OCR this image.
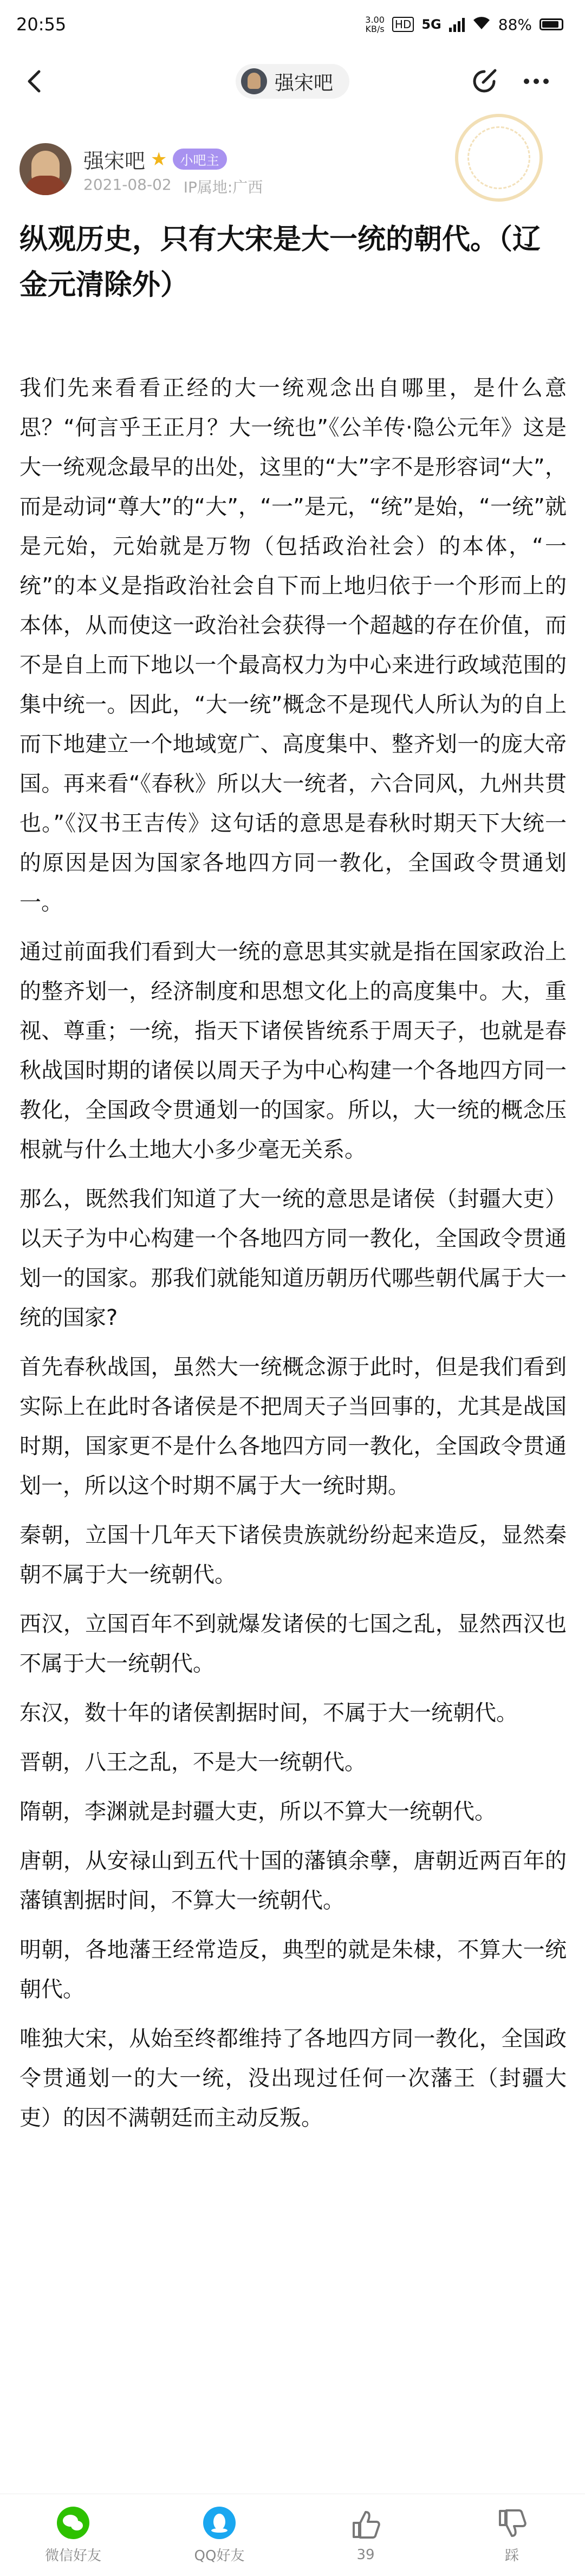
20:55	3.00
KB/s HD 5G	88%
强宋吧
强宋吧 ★	小吧主
2021-08-02 IP属地:广西
纵观历史，只有大宋是大一统的朝代。（辽金元清除外）

我们先来看看正经的大一统观念出自哪里，是什么意思？“何言乎王正月？大一统也”《公羊传·隐公元年》这是大一统观念最早的出处，这里的“大”字不是形容词“大”，而是动词“尊大”的“大”，“一”是元，“统”是始，“一统”就是元始，元始就是万物（包括政治社会）的本体，“一统”的本义是指政治社会自下而上地归依于一个形而上的本体，从而使这一政治社会获得一个超越的存在价值，而不是自上而下地以一个最高权力为中心来进行政域范围的集中统一。因此，“大一统”概念不是现代人所认为的自上而下地建立一个地域宽广、高度集中、整齐划一的庞大帝国。再来看“《春秋》所以大一统者，六合同风，九州共贯也。”《汉书王吉传》这句话的意思是春秋时期天下大统一的原因是因为国家各地四方同一教化，全国政令贯通划一。

通过前面我们看到大一统的意思其实就是指在国家政治上的整齐划一，经济制度和思想文化上的高度集中。大，重视、尊重；一统，指天下诸侯皆统系于周天子，也就是春秋战国时期的诸侯以周天子为中心构建一个各地四方同一教化，全国政令贯通划一的国家。所以，大一统的概念压根就与什么土地大小多少毫无关系。

那么，既然我们知道了大一统的意思是诸侯（封疆大吏）以天子为中心构建一个各地四方同一教化，全国政令贯通划一的国家。那我们就能知道历朝历代哪些朝代属于大一统的国家?

首先春秋战国，虽然大一统概念源于此时，但是我们看到实际上在此时各诸侯是不把周天子当回事的，尤其是战国时期，国家更不是什么各地四方同一教化，全国政令贯通划一，所以这个时期不属于大一统时期。

秦朝，立国十几年天下诸侯贵族就纷纷起来造反，显然秦朝不属于大一统朝代。

西汉，立国百年不到就爆发诸侯的七国之乱，显然西汉也不属于大一统朝代。

东汉，数十年的诸侯割据时间，不属于大一统朝代。

晋朝，八王之乱，不是大一统朝代。

隋朝，李渊就是封疆大吏，所以不算大一统朝代。

唐朝，从安禄山到五代十国的藩镇余孽，唐朝近两百年的藩镇割据时间，不算大一统朝代。

明朝，各地藩王经常造反，典型的就是朱棣，不算大一统朝代。

唯独大宋，从始至终都维持了各地四方同一教化，全国政令贯通划一的大一统，没出现过任何一次藩王（封疆大吏）的因不满朝廷而主动反叛。

微信好友	QQ好友	39	踩
